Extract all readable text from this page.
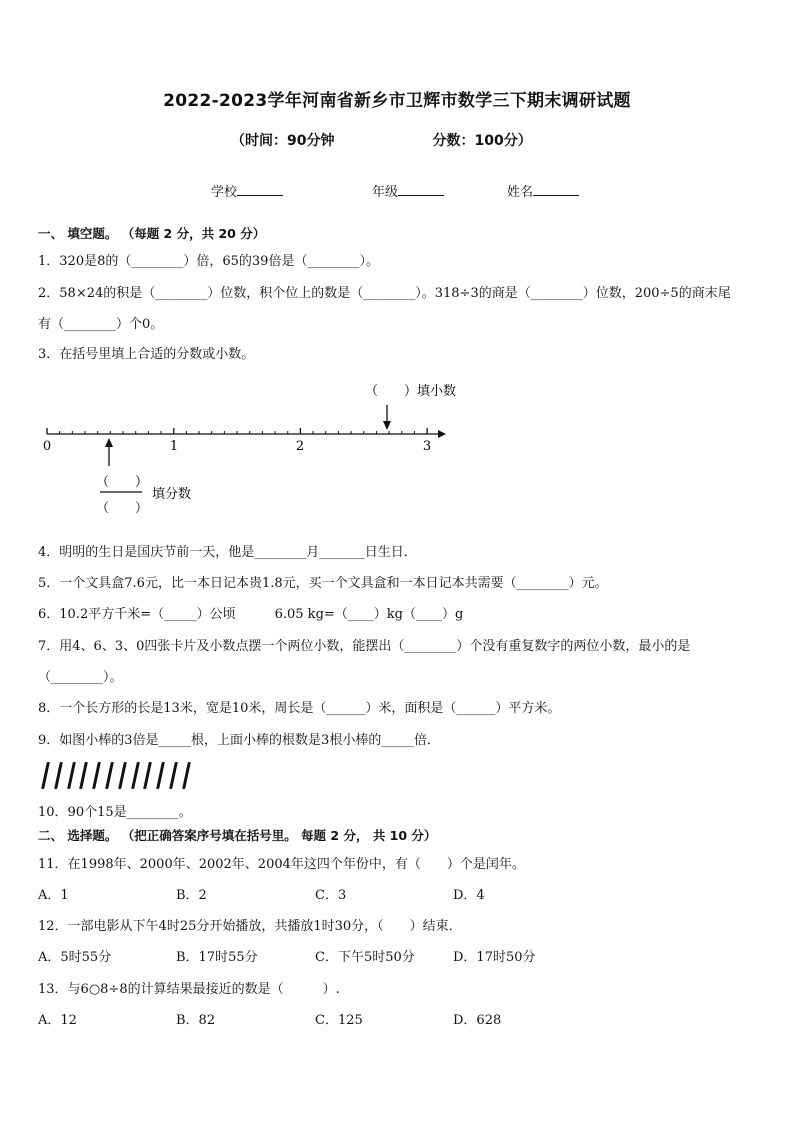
2022-2023学年河南省新乡市卫辉市数学三下期末调研试题
（时间：90分钟	分数：100分）
学校	年级	姓名
一、 填空题。 （每题 2 分，共 20 分）
1．320是8的（________）倍，65的39倍是（________）。
2．58×24的积是（________）位数，积个位上的数是（________）。318÷3的商是（________）位数，200÷5的商末尾
有（________）个0。
3．在括号里填上合适的分数或小数。
（　　）填小数
0	1	2	3
（　　）
（　　）
填分数
4．明明的生日是国庆节前一天，他是________月_______日生日．
5．一个文具盒7.6元，比一本日记本贵1.8元，买一个文具盒和一本日记本共需要（________）元。
6．10.2平方千米=（_____）公顷　　　6.05 kg=（____）kg（____）g
7．用4、6、3、0四张卡片及小数点摆一个两位小数，能摆出（________）个没有重复数字的两位小数，最小的是
（________）。
8．一个长方形的长是13米，宽是10米，周长是（______）米，面积是（______）平方米。
9．如图小棒的3倍是_____根，上面小棒的根数是3根小棒的_____倍．
10．90个15是________。
二、 选择题。 （把正确答案序号填在括号里。 每题 2 分， 共 10 分）
11．在1998年、2000年、2002年、2004年这四个年份中，有（　　）个是闰年。
A．1	B．2	C．3	D．4
12．一部电影从下午4时25分开始播放，共播放1时30分，（　　）结束．
A．5时55分	B．17时55分	C．下午5时50分	D．17时50分
13．与6○8÷8的计算结果最接近的数是（　　　）.
A．12	B．82	C．125	D．628
